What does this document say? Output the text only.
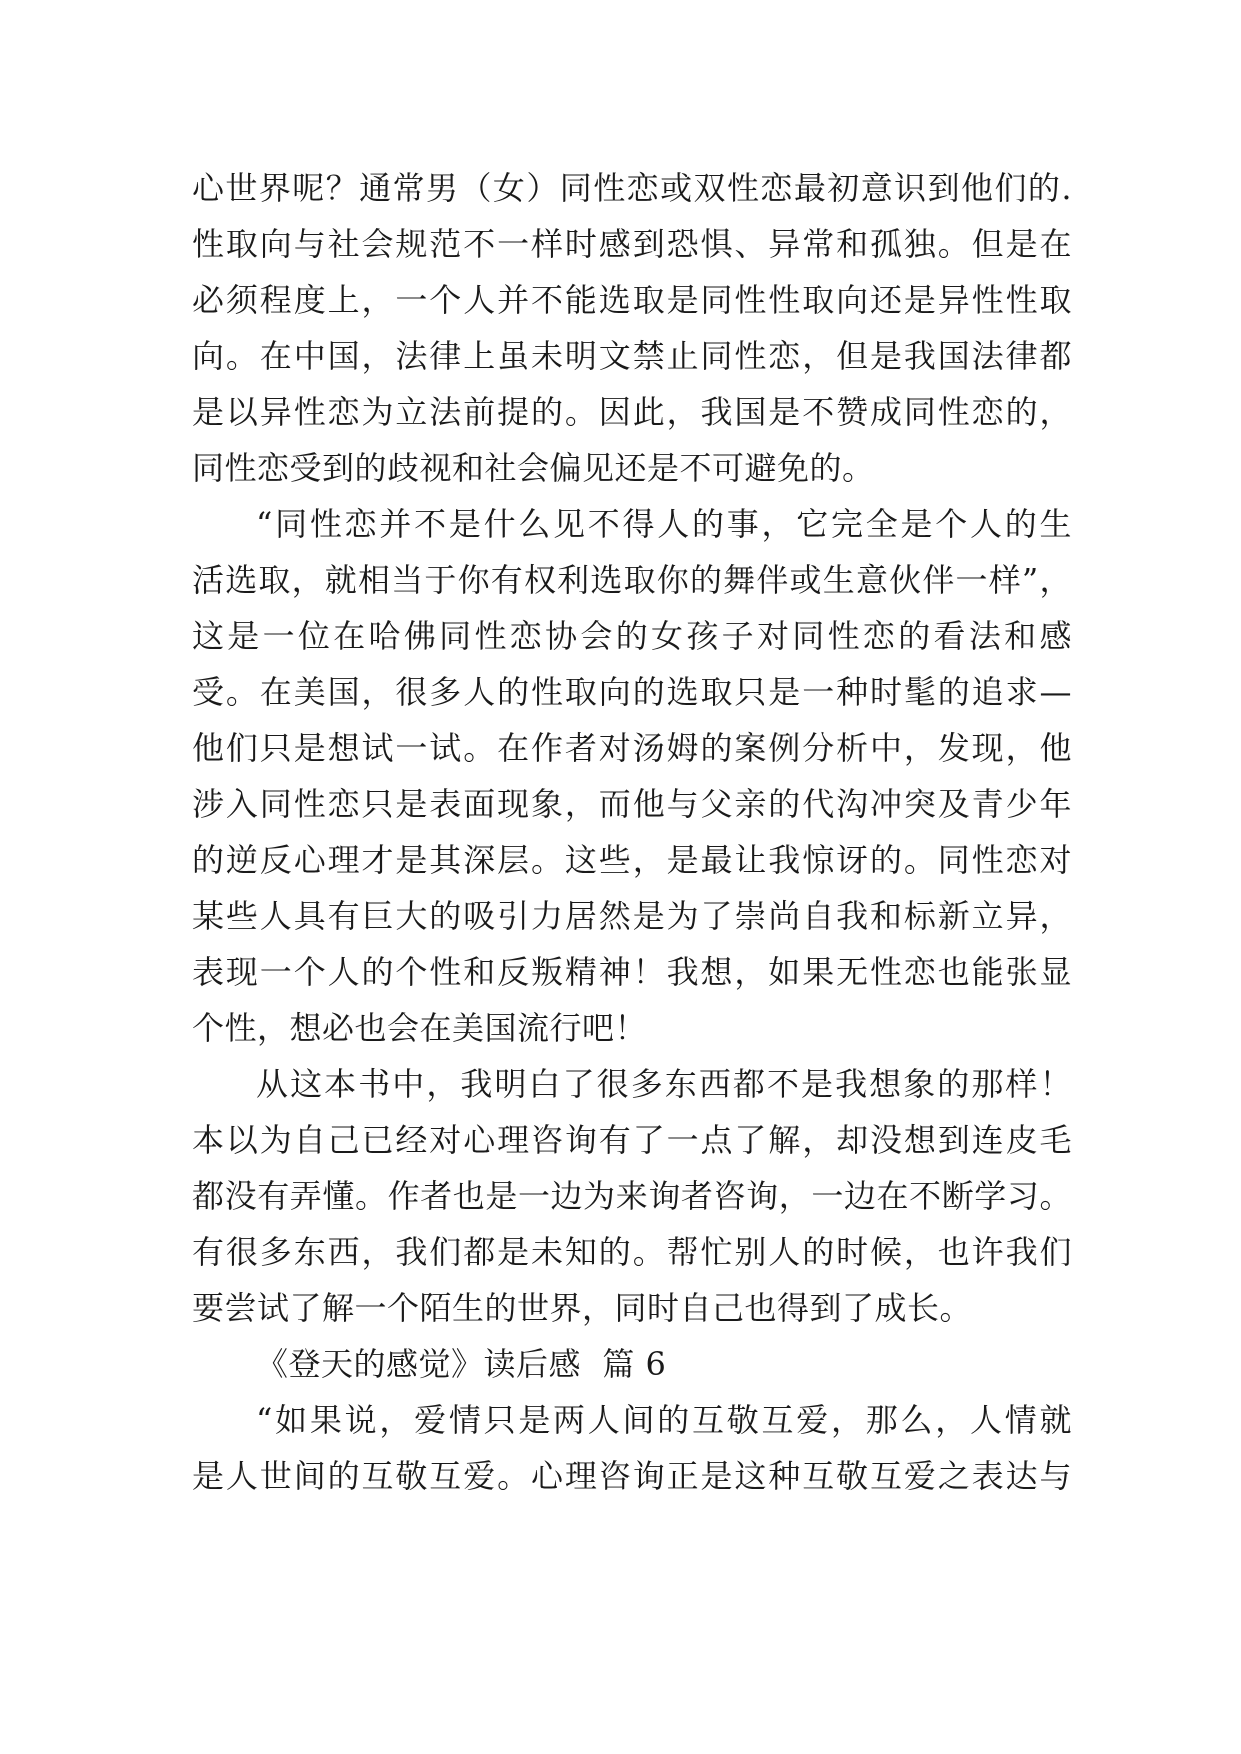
心世界呢？通常男（女）同性恋或双性恋最初意识到他们的.
性取向与社会规范不一样时感到恐惧、异常和孤独。但是在
必须程度上，一个人并不能选取是同性性取向还是异性性取
向。在中国，法律上虽未明文禁止同性恋，但是我国法律都
是以异性恋为立法前提的。因此，我国是不赞成同性恋的，
同性恋受到的歧视和社会偏见还是不可避免的。
“同性恋并不是什么见不得人的事，它完全是个人的生
活选取，就相当于你有权利选取你的舞伴或生意伙伴一样”，
这是一位在哈佛同性恋协会的女孩子对同性恋的看法和感
受。在美国，很多人的性取向的选取只是一种时髦的追求—
他们只是想试一试。在作者对汤姆的案例分析中，发现，他
涉入同性恋只是表面现象，而他与父亲的代沟冲突及青少年
的逆反心理才是其深层。这些，是最让我惊讶的。同性恋对
某些人具有巨大的吸引力居然是为了崇尚自我和标新立异，
表现一个人的个性和反叛精神！我想，如果无性恋也能张显
个性，想必也会在美国流行吧！
从这本书中，我明白了很多东西都不是我想象的那样！
本以为自己已经对心理咨询有了一点了解，却没想到连皮毛
都没有弄懂。作者也是一边为来询者咨询，一边在不断学习。
有很多东西，我们都是未知的。帮忙别人的时候，也许我们
要尝试了解一个陌生的世界，同时自己也得到了成长。
《登天的感觉》读后感  篇 6
“如果说，爱情只是两人间的互敬互爱，那么，人情就
是人世间的互敬互爱。心理咨询正是这种互敬互爱之表达与
